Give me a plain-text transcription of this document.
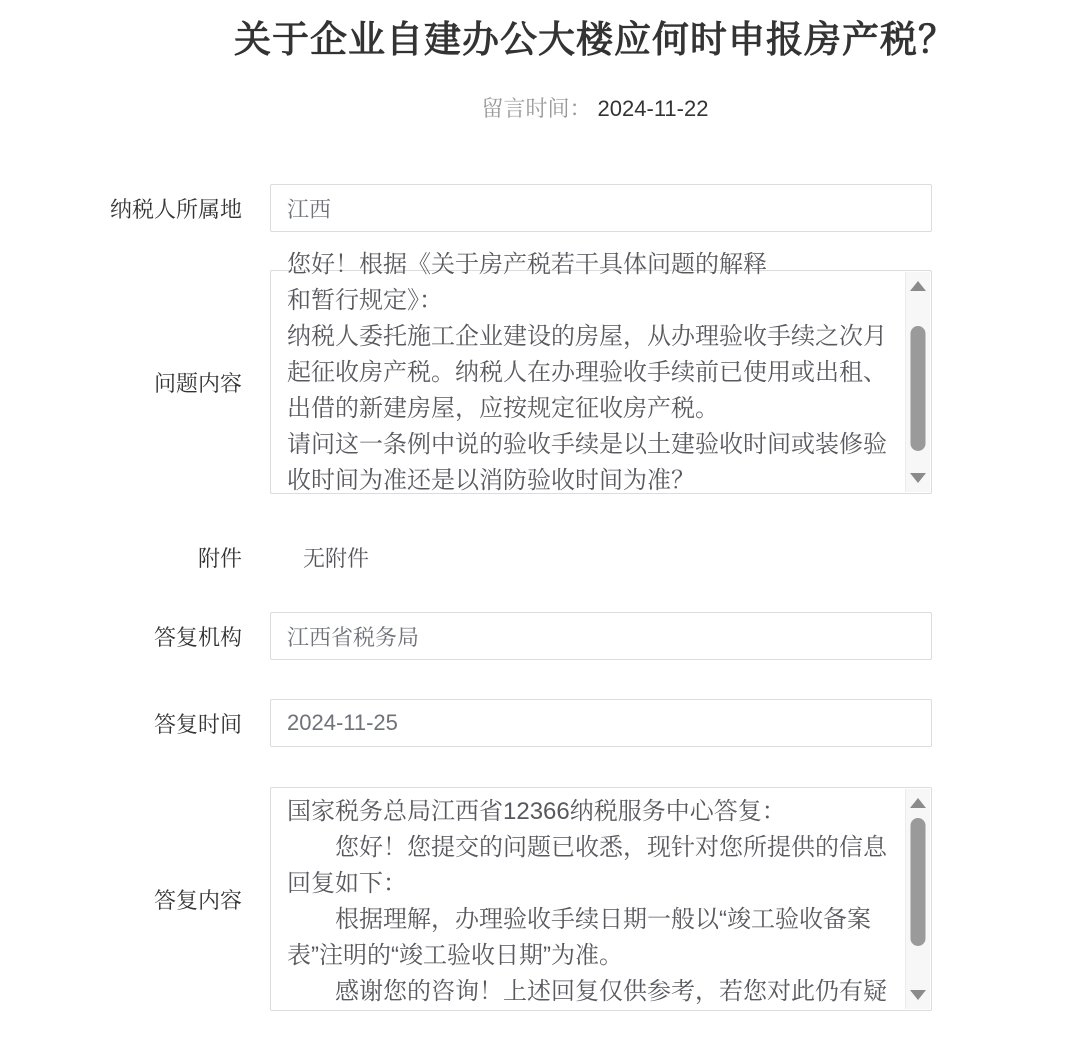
关于企业自建办公大楼应何时申报房产税？
留言时间： 2024-11-22
纳税人所属地	江西
问题内容
您好！根据《关于房产税若干具体问题的解释
和暂行规定》：
纳税人委托施工企业建设的房屋，从办理验收手续之次月
起征收房产税。纳税人在办理验收手续前已使用或出租、
出借的新建房屋，应按规定征收房产税。
请问这一条例中说的验收手续是以土建验收时间或装修验
收时间为准还是以消防验收时间为准？
附件	无附件
答复机构	江西省税务局
答复时间	2024-11-25
答复内容
国家税务总局江西省12366纳税服务中心答复：
　　您好！您提交的问题已收悉，现针对您所提供的信息
回复如下：
　　根据理解，办理验收手续日期一般以“竣工验收备案
表”注明的“竣工验收日期”为准。
　　感谢您的咨询！上述回复仅供参考，若您对此仍有疑
